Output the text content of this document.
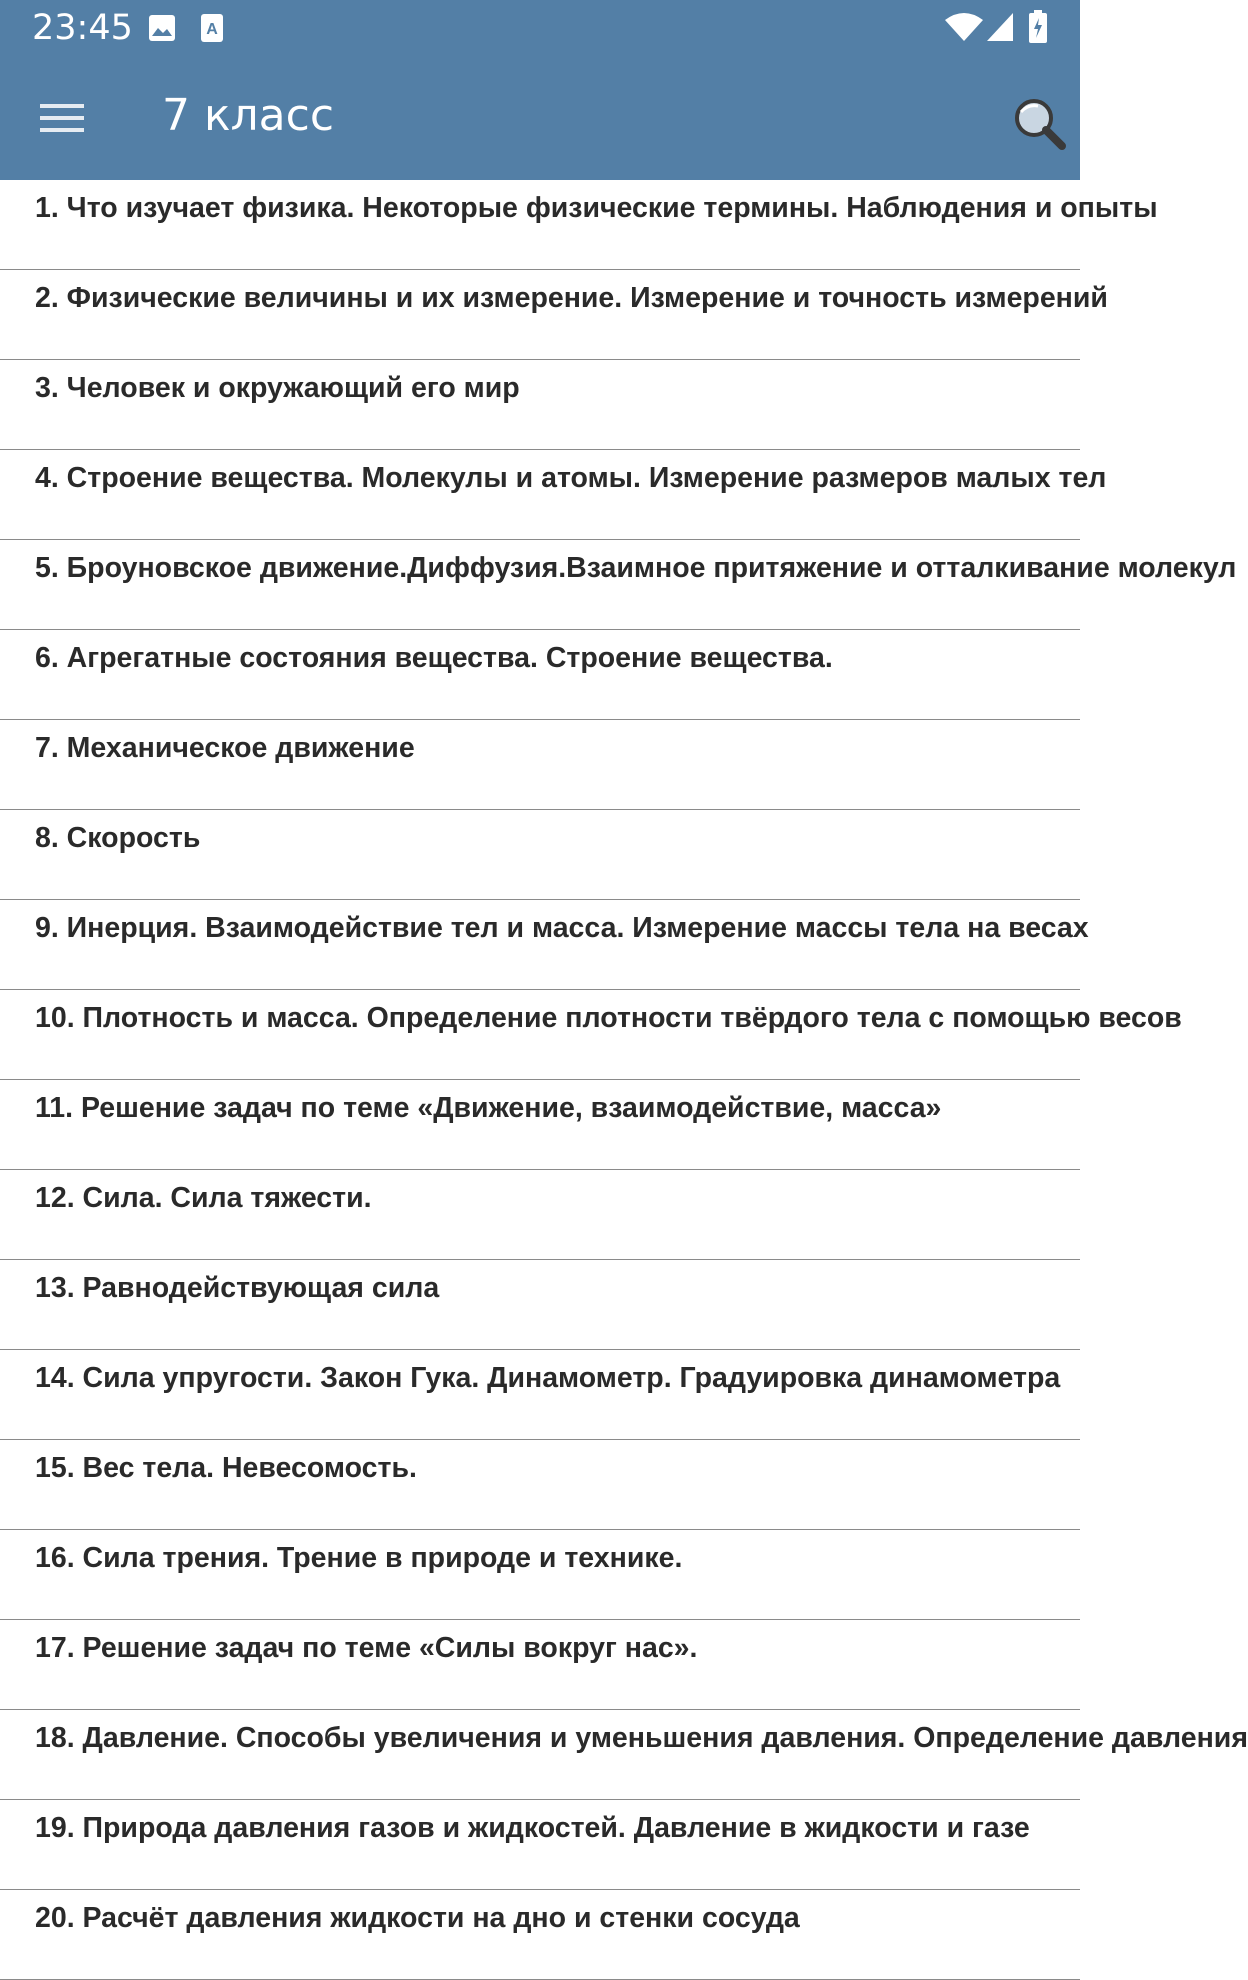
23:45	A
7 класс
1. Что изучает физика. Некоторые физические термины. Наблюдения и опыты
2. Физические величины и их измерение. Измерение и точность измерений
3. Человек и окружающий его мир
4. Строение вещества. Молекулы и атомы. Измерение размеров малых тел
5. Броуновское движение.Диффузия.Взаимное притяжение и отталкивание молекул
6. Агрегатные состояния вещества. Строение вещества.
7. Механическое движение
8. Скорость
9. Инерция. Взаимодействие тел и масса. Измерение массы тела на весах
10. Плотность и масса. Определение плотности твёрдого тела с помощью весов
11. Решение задач по теме «Движение, взаимодействие, масса»
12. Сила. Сила тяжести.
13. Равнодействующая сила
14. Сила упругости. Закон Гука. Динамометр. Градуировка динамометра
15. Вес тела. Невесомость.
16. Сила трения. Трение в природе и технике.
17. Решение задач по теме «Силы вокруг нас».
18. Давление. Способы увеличения и уменьшения давления. Определение давления
19. Природа давления газов и жидкостей. Давление в жидкости и газе
20. Расчёт давления жидкости на дно и стенки сосуда
